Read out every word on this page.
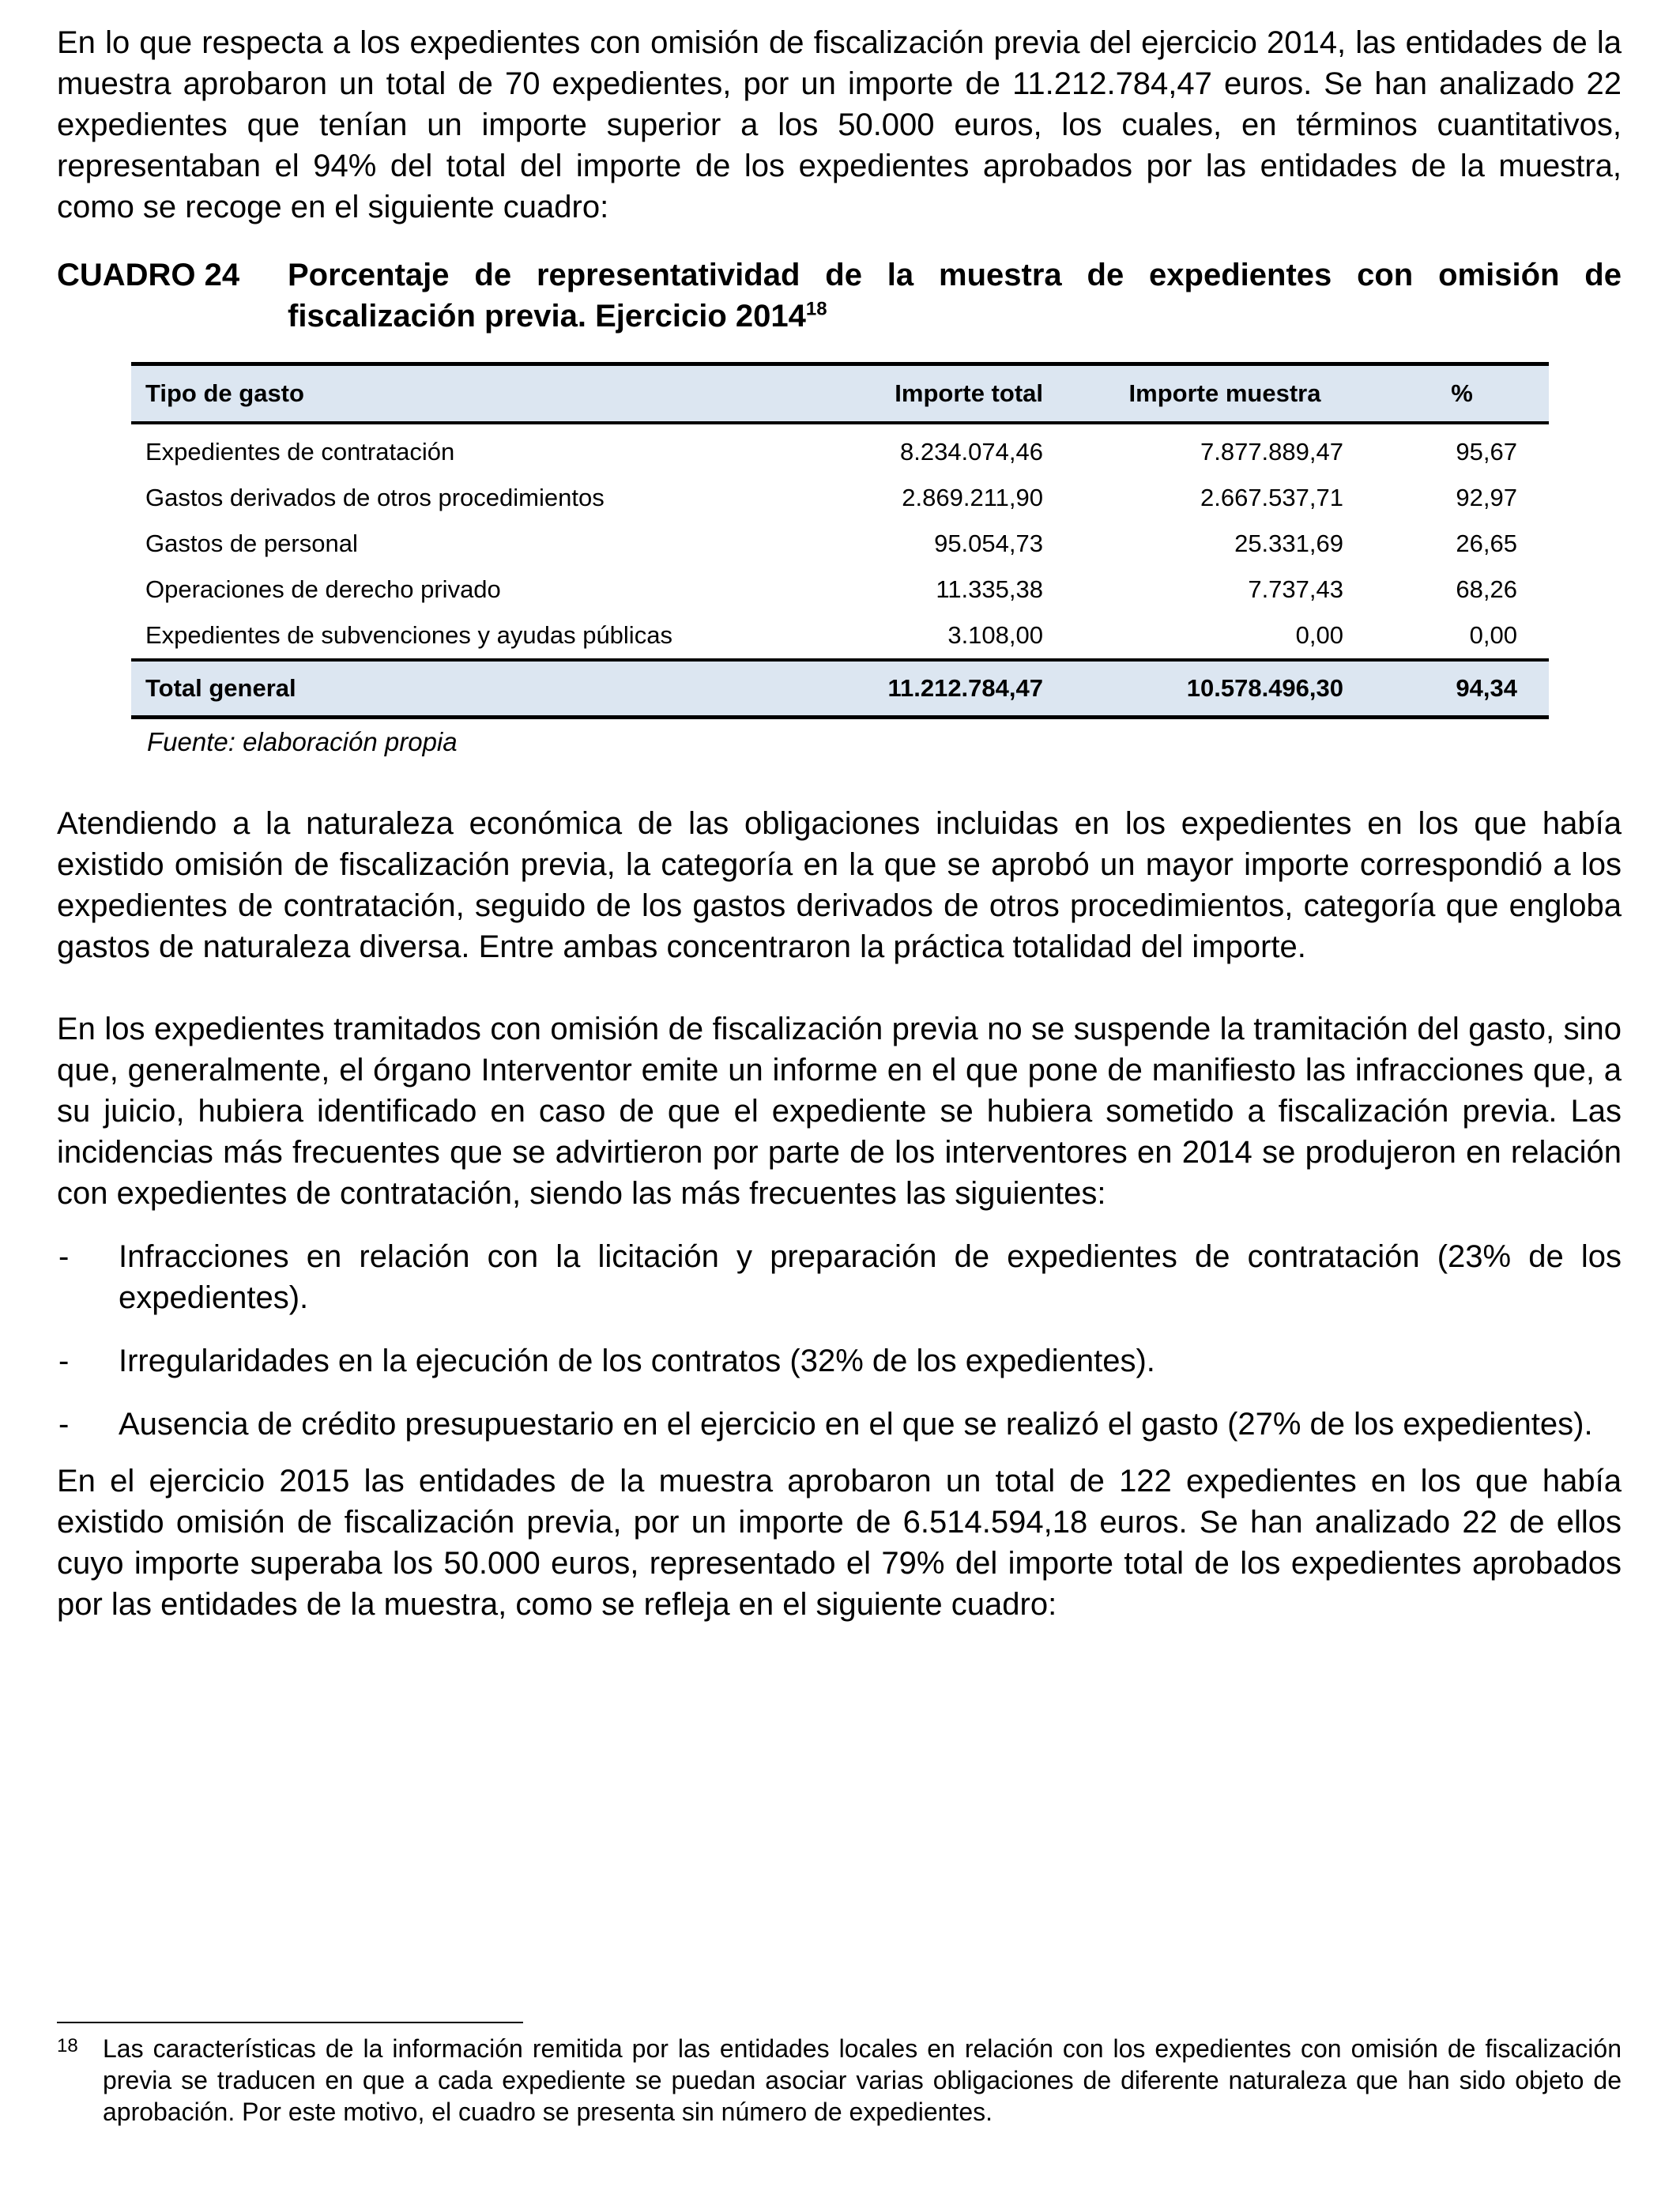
En lo que respecta a los expedientes con omisión de fiscalización previa del ejercicio 2014, las entidades de la muestra aprobaron un total de 70 expedientes, por un importe de 11.212.784,47 euros. Se han analizado 22 expedientes que tenían un importe superior a los 50.000 euros, los cuales, en términos cuantitativos, representaban el 94% del total del importe de los expedientes aprobados por las entidades de la muestra, como se recoge en el siguiente cuadro:

CUADRO 24	Porcentaje de representatividad de la muestra de expedientes con omisión de fiscalización previa. Ejercicio 2014$^{18}$
Tipo de gasto	Importe total	Importe muestra	%
Expedientes de contratación	8.234.074,46	7.877.889,47	95,67
Gastos derivados de otros procedimientos	2.869.211,90	2.667.537,71	92,97
Gastos de personal	95.054,73	25.331,69	26,65
Operaciones de derecho privado	11.335,38	7.737,43	68,26
Expedientes de subvenciones y ayudas públicas	3.108,00	0,00	0,00
Total general	11.212.784,47	10.578.496,30	94,34
Fuente: elaboración propia

Atendiendo a la naturaleza económica de las obligaciones incluidas en los expedientes en los que había existido omisión de fiscalización previa, la categoría en la que se aprobó un mayor importe correspondió a los expedientes de contratación, seguido de los gastos derivados de otros procedimientos, categoría que engloba gastos de naturaleza diversa. Entre ambas concentraron la práctica totalidad del importe.

En los expedientes tramitados con omisión de fiscalización previa no se suspende la tramitación del gasto, sino que, generalmente, el órgano Interventor emite un informe en el que pone de manifiesto las infracciones que, a su juicio, hubiera identificado en caso de que el expediente se hubiera sometido a fiscalización previa. Las incidencias más frecuentes que se advirtieron por parte de los interventores en 2014 se produjeron en relación con expedientes de contratación, siendo las más frecuentes las siguientes:

-	Infracciones en relación con la licitación y preparación de expedientes de contratación (23% de los expedientes).
-	Irregularidades en la ejecución de los contratos (32% de los expedientes).
-	Ausencia de crédito presupuestario en el ejercicio en el que se realizó el gasto (27% de los expedientes).

En el ejercicio 2015 las entidades de la muestra aprobaron un total de 122 expedientes en los que había existido omisión de fiscalización previa, por un importe de 6.514.594,18 euros. Se han analizado 22 de ellos cuyo importe superaba los 50.000 euros, representado el 79% del importe total de los expedientes aprobados por las entidades de la muestra, como se refleja en el siguiente cuadro:

18 Las características de la información remitida por las entidades locales en relación con los expedientes con omisión de fiscalización previa se traducen en que a cada expediente se puedan asociar varias obligaciones de diferente naturaleza que han sido objeto de aprobación. Por este motivo, el cuadro se presenta sin número de expedientes.
